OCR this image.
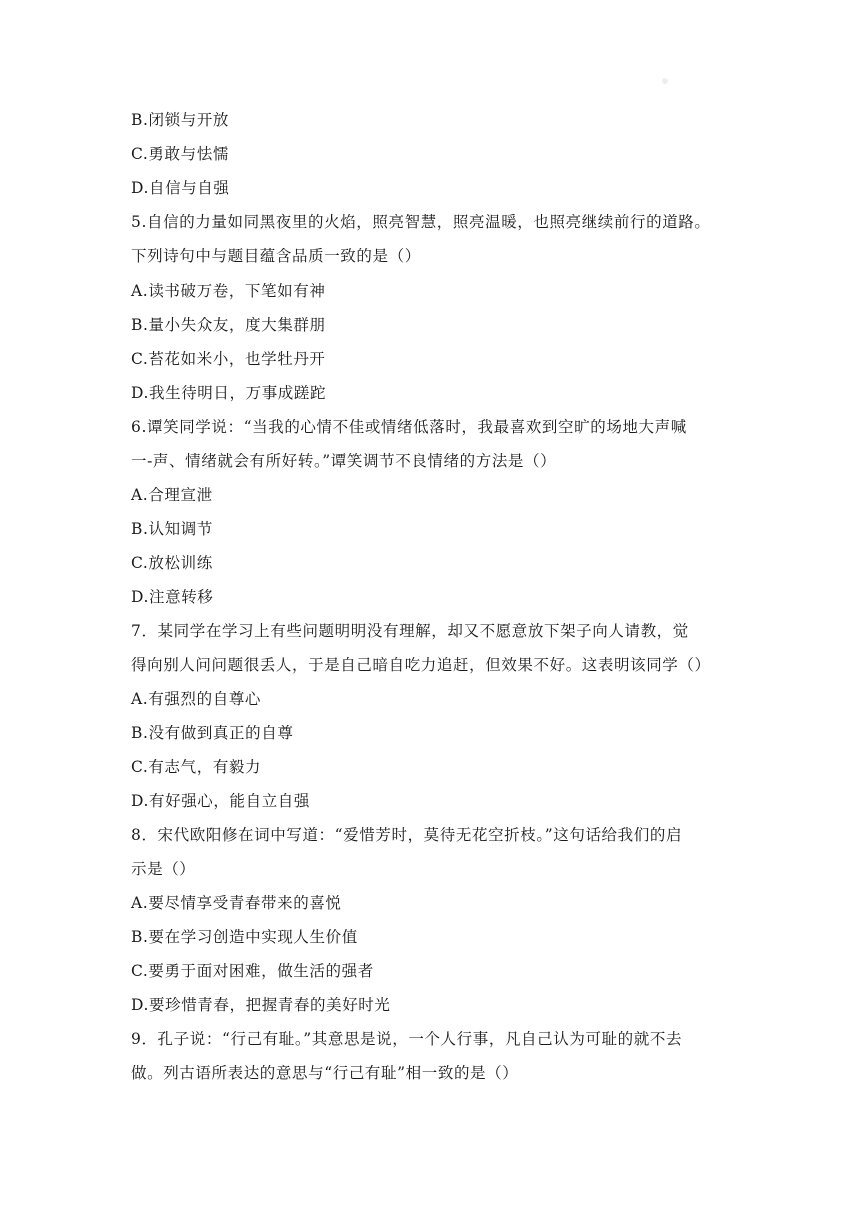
B.闭锁与开放
C.勇敢与怯懦
D.自信与自强
5.自信的力量如同黑夜里的火焰，照亮智慧，照亮温暖，也照亮继续前行的道路。
下列诗句中与题目蕴含品质一致的是（）
A.读书破万卷，下笔如有神
B.量小失众友，度大集群朋
C.苔花如米小，也学牡丹开
D.我生待明日，万事成蹉跎
6.谭笑同学说：“当我的心情不佳或情绪低落时，我最喜欢到空旷的场地大声喊
一-声、情绪就会有所好转。”谭笑调节不良情绪的方法是（）
A.合理宣泄
B.认知调节
C.放松训练
D.注意转移
7．某同学在学习上有些问题明明没有理解，却又不愿意放下架子向人请教，觉
得向别人问问题很丢人，于是自己暗自吃力追赶，但效果不好。这表明该同学（）
A.有强烈的自尊心
B.没有做到真正的自尊
C.有志气，有毅力
D.有好强心，能自立自强
8．宋代欧阳修在词中写道：“爱惜芳时，莫待无花空折枝。”这句话给我们的启
示是（）
A.要尽情享受青春带来的喜悦
B.要在学习创造中实现人生价值
C.要勇于面对困难，做生活的强者
D.要珍惜青春，把握青春的美好时光
9．孔子说：“行己有耻。”其意思是说，一个人行事，凡自己认为可耻的就不去
做。列古语所表达的意思与“行己有耻”相一致的是（）
